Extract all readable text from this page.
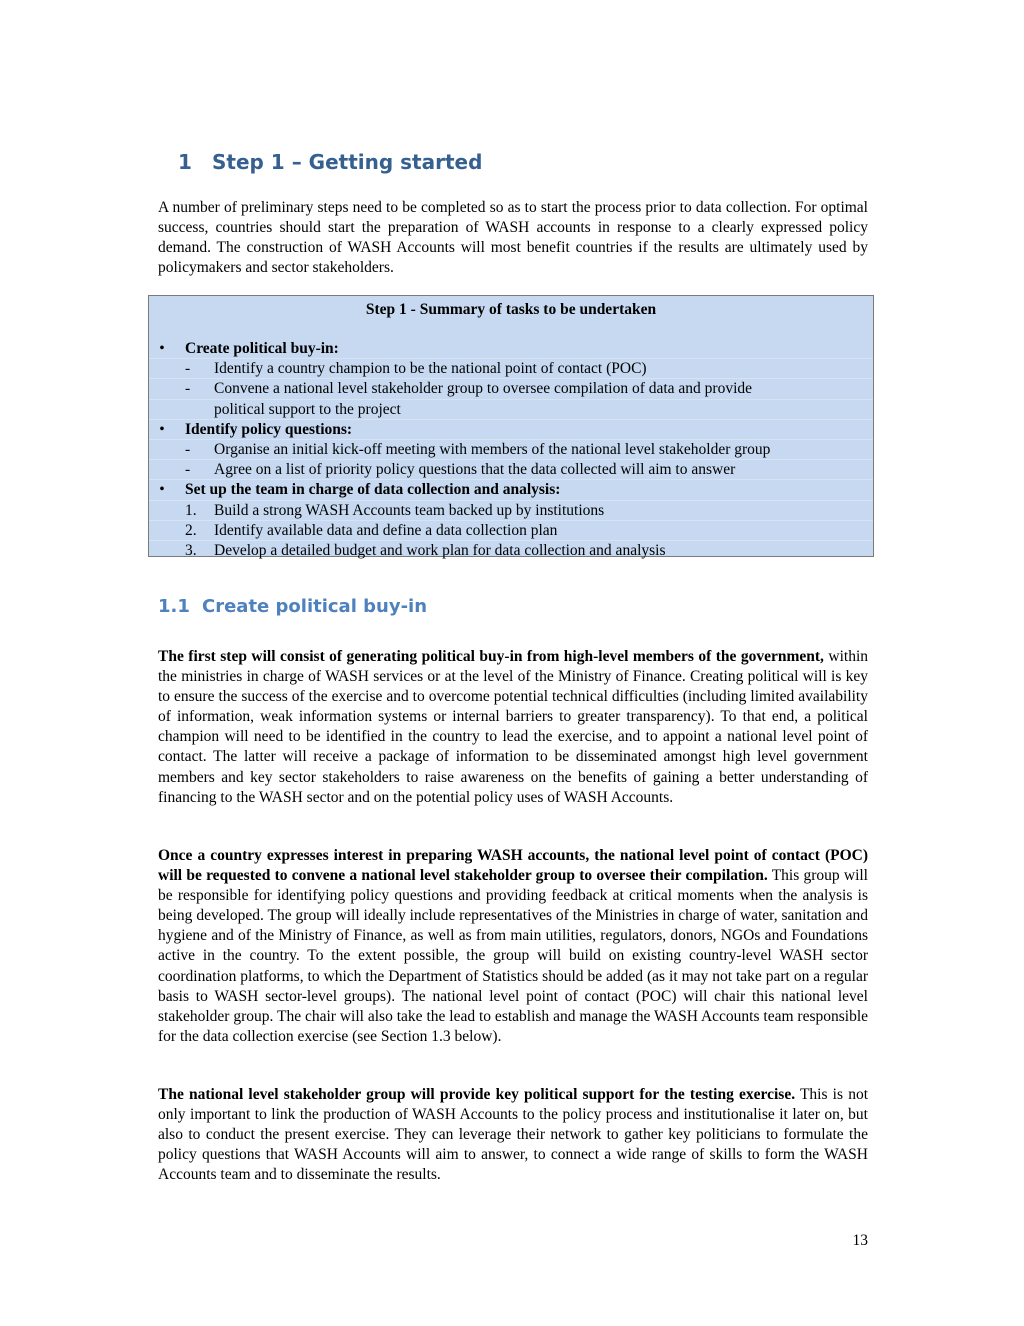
1 Step 1 – Getting started

A number of preliminary steps need to be completed so as to start the process prior to data collection. For optimal success, countries should start the preparation of WASH accounts in response to a clearly expressed policy demand. The construction of WASH Accounts will most benefit countries if the results are ultimately used by policymakers and sector stakeholders.

Step 1 - Summary of tasks to be undertaken
• Create political buy-in:
-	Identify a country champion to be the national point of contact (POC)
-	Convene a national level stakeholder group to oversee compilation of data and provide
political support to the project
• Identify policy questions:
-	Organise an initial kick-off meeting with members of the national level stakeholder group
-	Agree on a list of priority policy questions that the data collected will aim to answer
• Set up the team in charge of data collection and analysis:
1.	Build a strong WASH Accounts team backed up by institutions
2.	Identify available data and define a data collection plan
3.	Develop a detailed budget and work plan for data collection and analysis
1.1 Create political buy-in

The first step will consist of generating political buy-in from high-level members of the government, within the ministries in charge of WASH services or at the level of the Ministry of Finance. Creating political will is key to ensure the success of the exercise and to overcome potential technical difficulties (including limited availability of information, weak information systems or internal barriers to greater transparency). To that end, a political champion will need to be identified in the country to lead the exercise, and to appoint a national level point of contact. The latter will receive a package of information to be disseminated amongst high level government members and key sector stakeholders to raise awareness on the benefits of gaining a better understanding of financing to the WASH sector and on the potential policy uses of WASH Accounts.

Once a country expresses interest in preparing WASH accounts, the national level point of contact (POC) will be requested to convene a national level stakeholder group to oversee their compilation. This group will be responsible for identifying policy questions and providing feedback at critical moments when the analysis is being developed. The group will ideally include representatives of the Ministries in charge of water, sanitation and hygiene and of the Ministry of Finance, as well as from main utilities, regulators, donors, NGOs and Foundations active in the country. To the extent possible, the group will build on existing country-level WASH sector coordination platforms, to which the Department of Statistics should be added (as it may not take part on a regular basis to WASH sector-level groups). The national level point of contact (POC) will chair this national level stakeholder group. The chair will also take the lead to establish and manage the WASH Accounts team responsible for the data collection exercise (see Section 1.3 below).

The national level stakeholder group will provide key political support for the testing exercise. This is not only important to link the production of WASH Accounts to the policy process and institutionalise it later on, but also to conduct the present exercise. They can leverage their network to gather key politicians to formulate the policy questions that WASH Accounts will aim to answer, to connect a wide range of skills to form the WASH Accounts team and to disseminate the results.

13
